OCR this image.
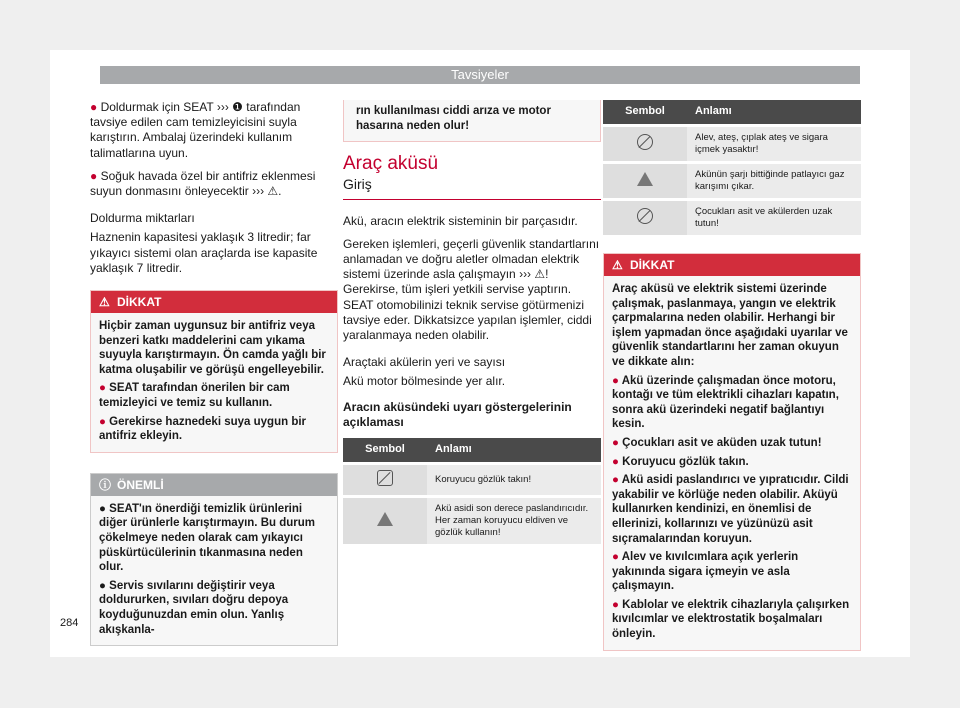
Tavsiyeler

● Doldurmak için SEAT ››› ❶ tarafından tavsiye edilen cam temizleyicisini suyla karıştırın. Ambalaj üzerindeki kullanım talimatlarına uyun.

● Soğuk havada özel bir antifriz eklenmesi suyun donmasını önleyecektir ››› ⚠.

Doldurma miktarları

Haznenin kapasitesi yaklaşık 3 litredir; far yıkayıcı sistemi olan araçlarda ise kapasite yaklaşık 7 litredir.

⚠ DİKKAT

Hiçbir zaman uygunsuz bir antifriz veya benzeri katkı maddelerini cam yıkama suyuyla karıştırmayın. Ön camda yağlı bir katma oluşabilir ve görüşü engelleyebilir.

● SEAT tarafından önerilen bir cam temizleyici ve temiz su kullanın.

● Gerekirse haznedeki suya uygun bir antifriz ekleyin.

ⓘ ÖNEMLİ

● SEAT'ın önerdiği temizlik ürünlerini diğer ürünlerle karıştırmayın. Bu durum çökelmeye neden olarak cam yıkayıcı püskürtücülerinin tıkanmasına neden olur.

● Servis sıvılarını değiştirir veya doldururken, sıvıları doğru depoya koyduğunuzdan emin olun. Yanlış akışkanla-

rın kullanılması ciddi arıza ve motor hasarına neden olur!
Araç aküsü
Giriş

Akü, aracın elektrik sisteminin bir parçasıdır.

Gereken işlemleri, geçerli güvenlik standartlarını anlamadan ve doğru aletler olmadan elektrik sistemi üzerinde asla çalışmayın ››› ⚠! Gerekirse, tüm işleri yetkili servise yaptırın. SEAT otomobilinizi teknik servise götürmenizi tavsiye eder. Dikkatsizce yapılan işlemler, ciddi yaralanmaya neden olabilir.

Araçtaki akülerin yeri ve sayısı

Akü motor bölmesinde yer alır.

Aracın aküsündeki uyarı göstergelerinin açıklaması

Sembol	Anlamı
	Koruyucu gözlük takın!
	Akü asidi son derece paslandırıcıdır. Her zaman koruyucu eldiven ve gözlük kullanın!
Sembol	Anlamı
	Alev, ateş, çıplak ateş ve sigara içmek yasaktır!
	Akünün şarjı bittiğinde patlayıcı gaz karışımı çıkar.
	Çocukları asit ve akülerden uzak tutun!
⚠ DİKKAT

Araç aküsü ve elektrik sistemi üzerinde çalışmak, paslanmaya, yangın ve elektrik çarpmalarına neden olabilir. Herhangi bir işlem yapmadan önce aşağıdaki uyarılar ve güvenlik standartlarını her zaman okuyun ve dikkate alın:

● Akü üzerinde çalışmadan önce motoru, kontağı ve tüm elektrikli cihazları kapatın, sonra akü üzerindeki negatif bağlantıyı kesin.

● Çocukları asit ve aküden uzak tutun!

● Koruyucu gözlük takın.

● Akü asidi paslandırıcı ve yıpratıcıdır. Cildi yakabilir ve körlüğe neden olabilir. Aküyü kullanırken kendinizi, en önemlisi de ellerinizi, kollarınızı ve yüzünüzü asit sıçramalarından koruyun.

● Alev ve kıvılcımlara açık yerlerin yakınında sigara içmeyin ve asla çalışmayın.

● Kablolar ve elektrik cihazlarıyla çalışırken kıvılcımlar ve elektrostatik boşalmaları önleyin.

284
